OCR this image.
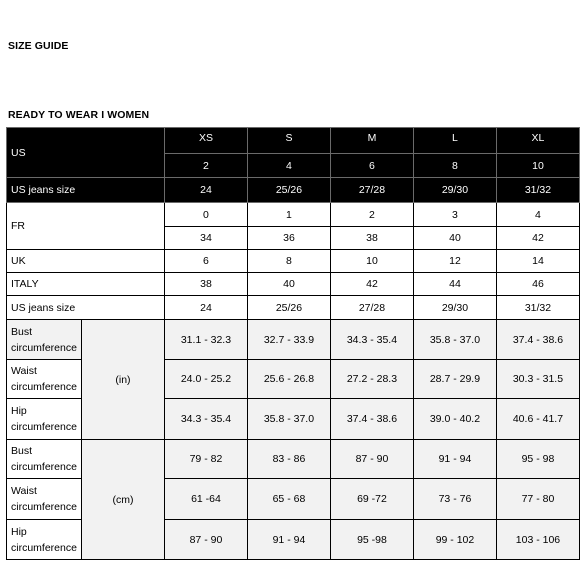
SIZE GUIDE
READY TO WEAR I WOMEN
US		XS	S	M	L	XL
		2	4	6	8	10
US jeans size		24	25/26	27/28	29/30	31/32
FR		0	1	2	3	4
		34	36	38	40	42
UK		6	8	10	12	14
ITALY		38	40	42	44	46
US jeans size		24	25/26	27/28	29/30	31/32
Bust
circumference	(in)	31.1 - 32.3	32.7 - 33.9	34.3 - 35.4	35.8 - 37.0	37.4 - 38.6
Waist
circumference		24.0 - 25.2	25.6 - 26.8	27.2 - 28.3	28.7 - 29.9	30.3 - 31.5
Hip
circumference		34.3 - 35.4	35.8 - 37.0	37.4 - 38.6	39.0 - 40.2	40.6 - 41.7
Bust
circumference	(cm)	79 - 82	83 - 86	87 - 90	91 - 94	95 - 98
Waist
circumference		61 -64	65 - 68	69 -72	73 - 76	77 - 80
Hip
circumference		87 - 90	91 - 94	95 -98	99 - 102	103 - 106
